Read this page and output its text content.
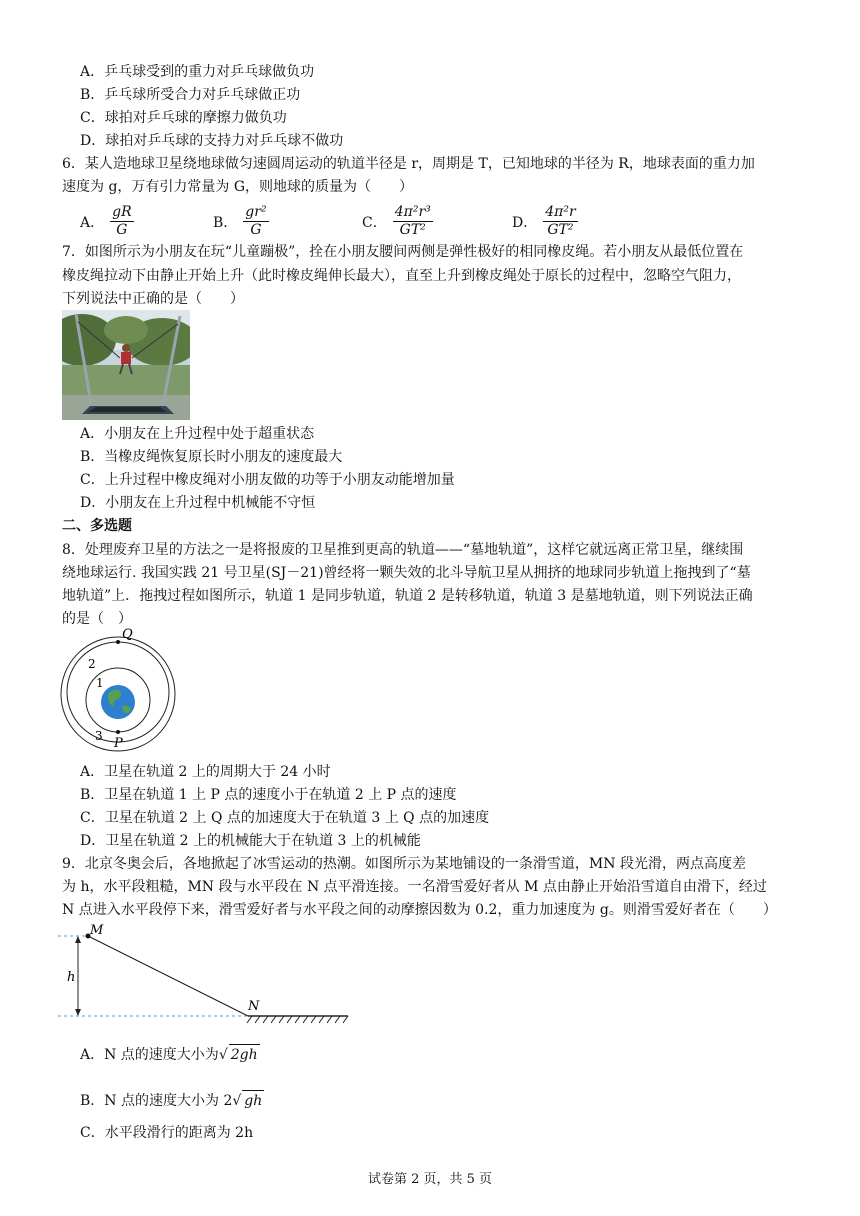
A．乒乓球受到的重力对乒乓球做负功
B．乒乓球所受合力对乒乓球做正功
C．球拍对乒乓球的摩擦力做负功
D．球拍对乒乓球的支持力对乒乓球不做功
6．某人造地球卫星绕地球做匀速圆周运动的轨道半径是 r，周期是 T，已知地球的半径为 R，地球表面的重力加
速度为 g，万有引力常量为 G，则地球的质量为（　　）
A． $\frac{gR}{G}$	B． $\frac{\text{gr²}}{G}$	C． $\frac{\text{4π²r³}}{\text{GT²}}$	D． $\frac{\text{4π²r}}{\text{GT²}}$
7．如图所示为小朋友在玩“儿童蹦极”，拴在小朋友腰间两侧是弹性极好的相同橡皮绳。若小朋友从最低位置在
橡皮绳拉动下由静止开始上升（此时橡皮绳伸长最大），直至上升到橡皮绳处于原长的过程中，忽略空气阻力，
下列说法中正确的是（　　）
A．小朋友在上升过程中处于超重状态
B．当橡皮绳恢复原长时小朋友的速度最大
C．上升过程中橡皮绳对小朋友做的功等于小朋友动能增加量
D．小朋友在上升过程中机械能不守恒
二、多选题
8．处理废弃卫星的方法之一是将报废的卫星推到更高的轨道——“墓地轨道”，这样它就远离正常卫星，继续围
绕地球运行. 我国实践 21 号卫星(SJ－21)曾经将一颗失效的北斗导航卫星从拥挤的地球同步轨道上拖拽到了“墓
地轨道”上．拖拽过程如图所示，轨道 1 是同步轨道，轨道 2 是转移轨道，轨道 3 是墓地轨道，则下列说法正确
的是（　）
Q
P
1
2
3
A．卫星在轨道 2 上的周期大于 24 小时
B．卫星在轨道 1 上 P 点的速度小于在轨道 2 上 P 点的速度
C．卫星在轨道 2 上 Q 点的加速度大于在轨道 3 上 Q 点的加速度
D．卫星在轨道 2 上的机械能大于在轨道 3 上的机械能
9．北京冬奥会后，各地掀起了冰雪运动的热潮。如图所示为某地铺设的一条滑雪道，MN 段光滑，两点高度差
为 h，水平段粗糙，MN 段与水平段在 N 点平滑连接。一名滑雪爱好者从 M 点由静止开始沿雪道自由滑下，经过
N 点进入水平段停下来，滑雪爱好者与水平段之间的动摩擦因数为 0.2，重力加速度为 g。则滑雪爱好者在（　　）
M
N
h
A．N 点的速度大小为√ 2gh
B．N 点的速度大小为 2√ gh
C．水平段滑行的距离为 2h
试卷第 2 页，共 5 页
